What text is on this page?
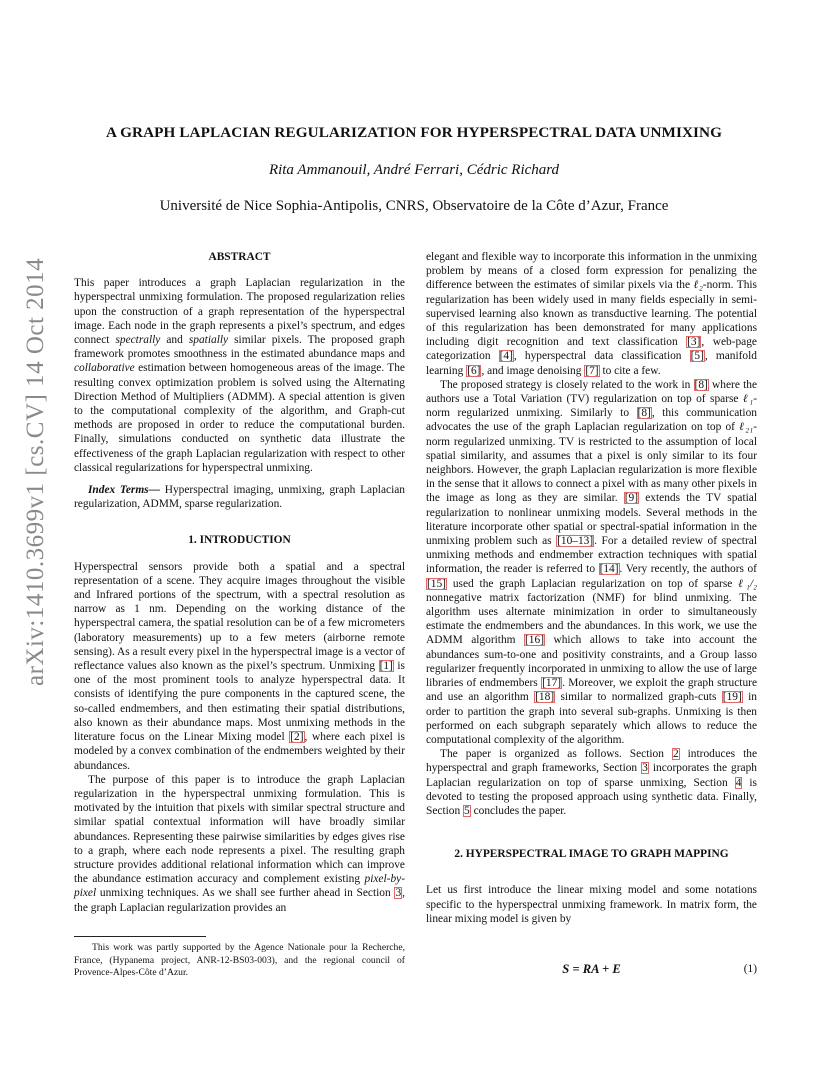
arXiv:1410.3699v1 [cs.CV] 14 Oct 2014
A GRAPH LAPLACIAN REGULARIZATION FOR HYPERSPECTRAL DATA UNMIXING
Rita Ammanouil, André Ferrari, Cédric Richard
Université de Nice Sophia-Antipolis, CNRS, Observatoire de la Côte d’Azur, France
ABSTRACT

This paper introduces a graph Laplacian regularization in the hyperspectral unmixing formulation. The proposed regularization relies upon the construction of a graph representation of the hyperspectral image. Each node in the graph represents a pixel’s spectrum, and edges connect spectrally and spatially similar pixels. The proposed graph framework promotes smoothness in the estimated abundance maps and collaborative estimation between homogeneous areas of the image. The resulting convex optimization problem is solved using the Alternating Direction Method of Multipliers (ADMM). A special attention is given to the computational complexity of the algorithm, and Graph-cut methods are proposed in order to reduce the computational burden. Finally, simulations conducted on synthetic data illustrate the effectiveness of the graph Laplacian regularization with respect to other classical regularizations for hyperspectral unmixing.

Index Terms— Hyperspectral imaging, unmixing, graph Laplacian regularization, ADMM, sparse regularization.

1. INTRODUCTION

Hyperspectral sensors provide both a spatial and a spectral representation of a scene. They acquire images throughout the visible and Infrared portions of the spectrum, with a spectral resolution as narrow as 1 nm. Depending on the working distance of the hyperspectral camera, the spatial resolution can be of a few micrometers (laboratory measurements) up to a few meters (airborne remote sensing). As a result every pixel in the hyperspectral image is a vector of reflectance values also known as the pixel’s spectrum. Unmixing [1] is one of the most prominent tools to analyze hyperspectral data. It consists of identifying the pure components in the captured scene, the so-called endmembers, and then estimating their spatial distributions, also known as their abundance maps. Most unmixing methods in the literature focus on the Linear Mixing model [2], where each pixel is modeled by a convex combination of the endmembers weighted by their abundances.

The purpose of this paper is to introduce the graph Laplacian regularization in the hyperspectral unmixing formulation. This is motivated by the intuition that pixels with similar spectral structure and similar spatial contextual information will have broadly similar abundances. Representing these pairwise similarities by edges gives rise to a graph, where each node represents a pixel. The resulting graph structure provides additional relational information which can improve the abundance estimation accuracy and complement existing pixel-by-pixel unmixing techniques. As we shall see further ahead in Section 3, the graph Laplacian regularization provides an

This work was partly supported by the Agence Nationale pour la Recherche, France, (Hypanema project, ANR-12-BS03-003), and the regional council of Provence-Alpes-Côte d’Azur.

elegant and flexible way to incorporate this information in the unmixing problem by means of a closed form expression for penalizing the difference between the estimates of similar pixels via the ℓ₂-norm. This regularization has been widely used in many fields especially in semi-supervised learning also known as transductive learning. The potential of this regularization has been demonstrated for many applications including digit recognition and text classification [3], web-page categorization [4], hyperspectral data classification [5], manifold learning [6], and image denoising [7] to cite a few.

The proposed strategy is closely related to the work in [8] where the authors use a Total Variation (TV) regularization on top of sparse ℓ₁-norm regularized unmixing. Similarly to [8], this communication advocates the use of the graph Laplacian regularization on top of ℓ₂₁-norm regularized unmixing. TV is restricted to the assumption of local spatial similarity, and assumes that a pixel is only similar to its four neighbors. However, the graph Laplacian regularization is more flexible in the sense that it allows to connect a pixel with as many other pixels in the image as long as they are similar. [9] extends the TV spatial regularization to nonlinear unmixing models. Several methods in the literature incorporate other spatial or spectral-spatial information in the unmixing problem such as [10–13]. For a detailed review of spectral unmixing methods and endmember extraction techniques with spatial information, the reader is referred to [14]. Very recently, the authors of [15] used the graph Laplacian regularization on top of sparse ℓ₁/₂ nonnegative matrix factorization (NMF) for blind unmixing. The algorithm uses alternate minimization in order to simultaneously estimate the endmembers and the abundances. In this work, we use the ADMM algorithm [16] which allows to take into account the abundances sum-to-one and positivity constraints, and a Group lasso regularizer frequently incorporated in unmixing to allow the use of large libraries of endmembers [17]. Moreover, we exploit the graph structure and use an algorithm [18] similar to normalized graph-cuts [19] in order to partition the graph into several sub-graphs. Unmixing is then performed on each subgraph separately which allows to reduce the computational complexity of the algorithm.

The paper is organized as follows. Section 2 introduces the hyperspectral and graph frameworks, Section 3 incorporates the graph Laplacian regularization on top of sparse unmixing, Section 4 is devoted to testing the proposed approach using synthetic data. Finally, Section 5 concludes the paper.

2. HYPERSPECTRAL IMAGE TO GRAPH MAPPING

Let us first introduce the linear mixing model and some notations specific to the hyperspectral unmixing framework. In matrix form, the linear mixing model is given by

S = RA + E	(1)
